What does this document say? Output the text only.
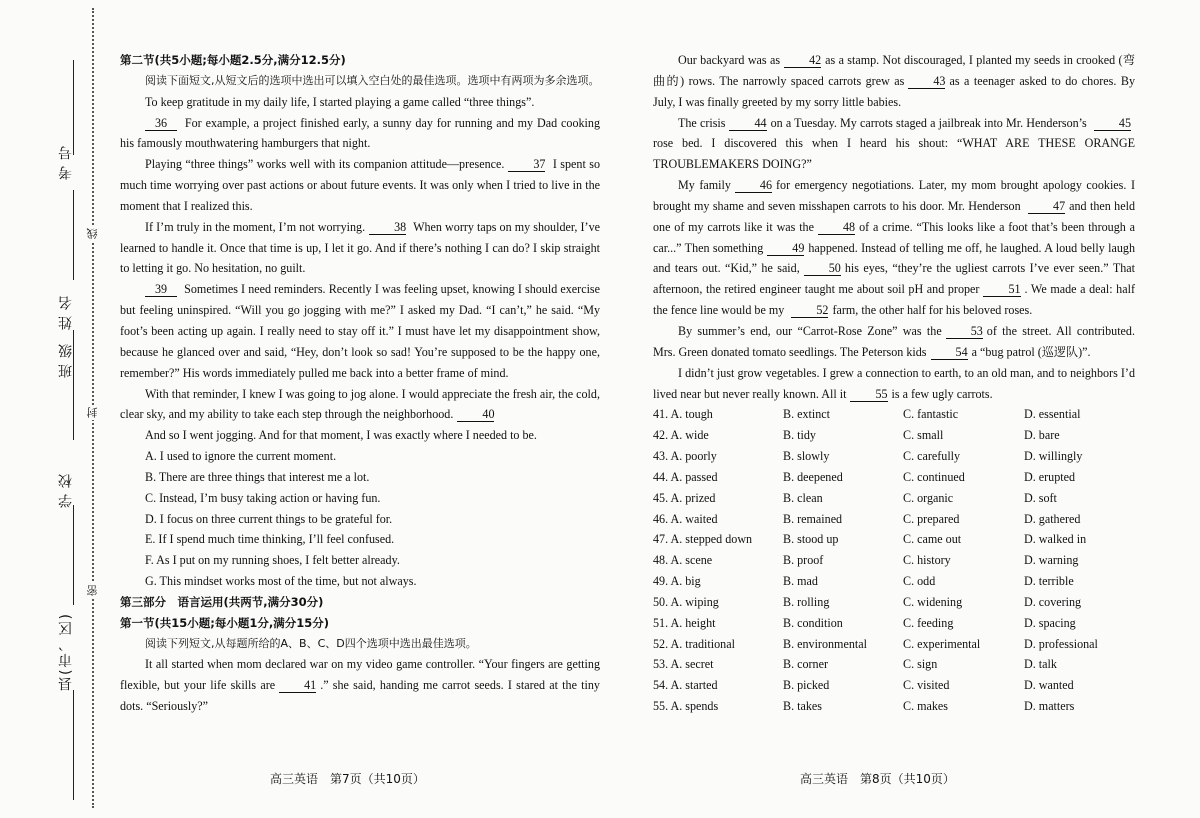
考号
姓名
班级
学校
县(市、区)
线
封
密

第二节(共5小题;每小题2.5分,满分12.5分)

阅读下面短文,从短文后的选项中选出可以填入空白处的最佳选项。选项中有两项为多余选项。

To keep gratitude in my daily life, I started playing a game called “three things”.

36 For example, a project finished early, a sunny day for running and my Dad cooking his famously mouthwatering hamburgers that night.

Playing “three things” works well with its companion attitude—presence. 37 I spent so much time worrying over past actions or about future events. It was only when I tried to live in the moment that I realized this.

If I’m truly in the moment, I’m not worrying. 38 When worry taps on my shoulder, I’ve learned to handle it. Once that time is up, I let it go. And if there’s nothing I can do? I skip straight to letting it go. No hesitation, no guilt.

39 Sometimes I need reminders. Recently I was feeling upset, knowing I should exercise but feeling uninspired. “Will you go jogging with me?” I asked my Dad. “I can’t,” he said. “My foot’s been acting up again. I really need to stay off it.” I must have let my disappointment show, because he glanced over and said, “Hey, don’t look so sad! You’re supposed to be the happy one, remember?” His words immediately pulled me back into a better frame of mind.

With that reminder, I knew I was going to jog alone. I would appreciate the fresh air, the cold, clear sky, and my ability to take each step through the neighborhood. 40

And so I went jogging. And for that moment, I was exactly where I needed to be.

A. I used to ignore the current moment.

B. There are three things that interest me a lot.

C. Instead, I’m busy taking action or having fun.

D. I focus on three current things to be grateful for.

E. If I spend much time thinking, I’ll feel confused.

F. As I put on my running shoes, I felt better already.

G. This mindset works most of the time, but not always.

第三部分　语言运用(共两节,满分30分)

第一节(共15小题;每小题1分,满分15分)

阅读下列短文,从每题所给的A、B、C、D四个选项中选出最佳选项。

It all started when mom declared war on my video game controller. “Your fingers are getting flexible, but your life skills are 41 .” she said, handing me carrot seeds. I stared at the tiny dots. “Seriously?”

高三英语　第7页（共10页）

Our backyard was as 42 as a stamp. Not discouraged, I planted my seeds in crooked (弯曲的) rows. The narrowly spaced carrots grew as 43 as a teenager asked to do chores. By July, I was finally greeted by my sorry little babies.

The crisis 44 on a Tuesday. My carrots staged a jailbreak into Mr. Henderson’s	45rose bed. I discovered this when I heard his shout: “WHAT ARE THESE ORANGE TROUBLEMAKERS DOING?”

My family 46 for emergency negotiations. Later, my mom brought apology cookies. I brought my shame and seven misshapen carrots to his door. Mr. Henderson	47 and then held one of my carrots like it was the 48 of a crime. “This looks like a foot that’s been through a car...” Then something 49 happened. Instead of telling me off, he laughed. A loud belly laugh and tears out. “Kid,” he said, 50 his eyes, “they’re the ugliest carrots I’ve ever seen.” That afternoon, the retired engineer taught me about soil pH and proper 51 . We made a deal: half the fence line would be my	52 farm, the other half for his beloved roses.

By summer’s end, our “Carrot-Rose Zone” was the 53 of the street. All contributed. Mrs. Green donated tomato seedlings. The Peterson kids 54 a “bug patrol (巡逻队)”.

I didn’t just grow vegetables. I grew a connection to earth, to an old man, and to neighbors I’d lived near but never really known. All it 55 is a few ugly carrots.

41. A. tough	B. extinct	C. fantastic	D. essential
42. A. wide	B. tidy	C. small	D. bare
43. A. poorly	B. slowly	C. carefully	D. willingly
44. A. passed	B. deepened	C. continued	D. erupted
45. A. prized	B. clean	C. organic	D. soft
46. A. waited	B. remained	C. prepared	D. gathered
47. A. stepped down	B. stood up	C. came out	D. walked in
48. A. scene	B. proof	C. history	D. warning
49. A. big	B. mad	C. odd	D. terrible
50. A. wiping	B. rolling	C. widening	D. covering
51. A. height	B. condition	C. feeding	D. spacing
52. A. traditional	B. environmental	C. experimental	D. professional
53. A. secret	B. corner	C. sign	D. talk
54. A. started	B. picked	C. visited	D. wanted
55. A. spends	B. takes	C. makes	D. matters
高三英语　第8页（共10页）
